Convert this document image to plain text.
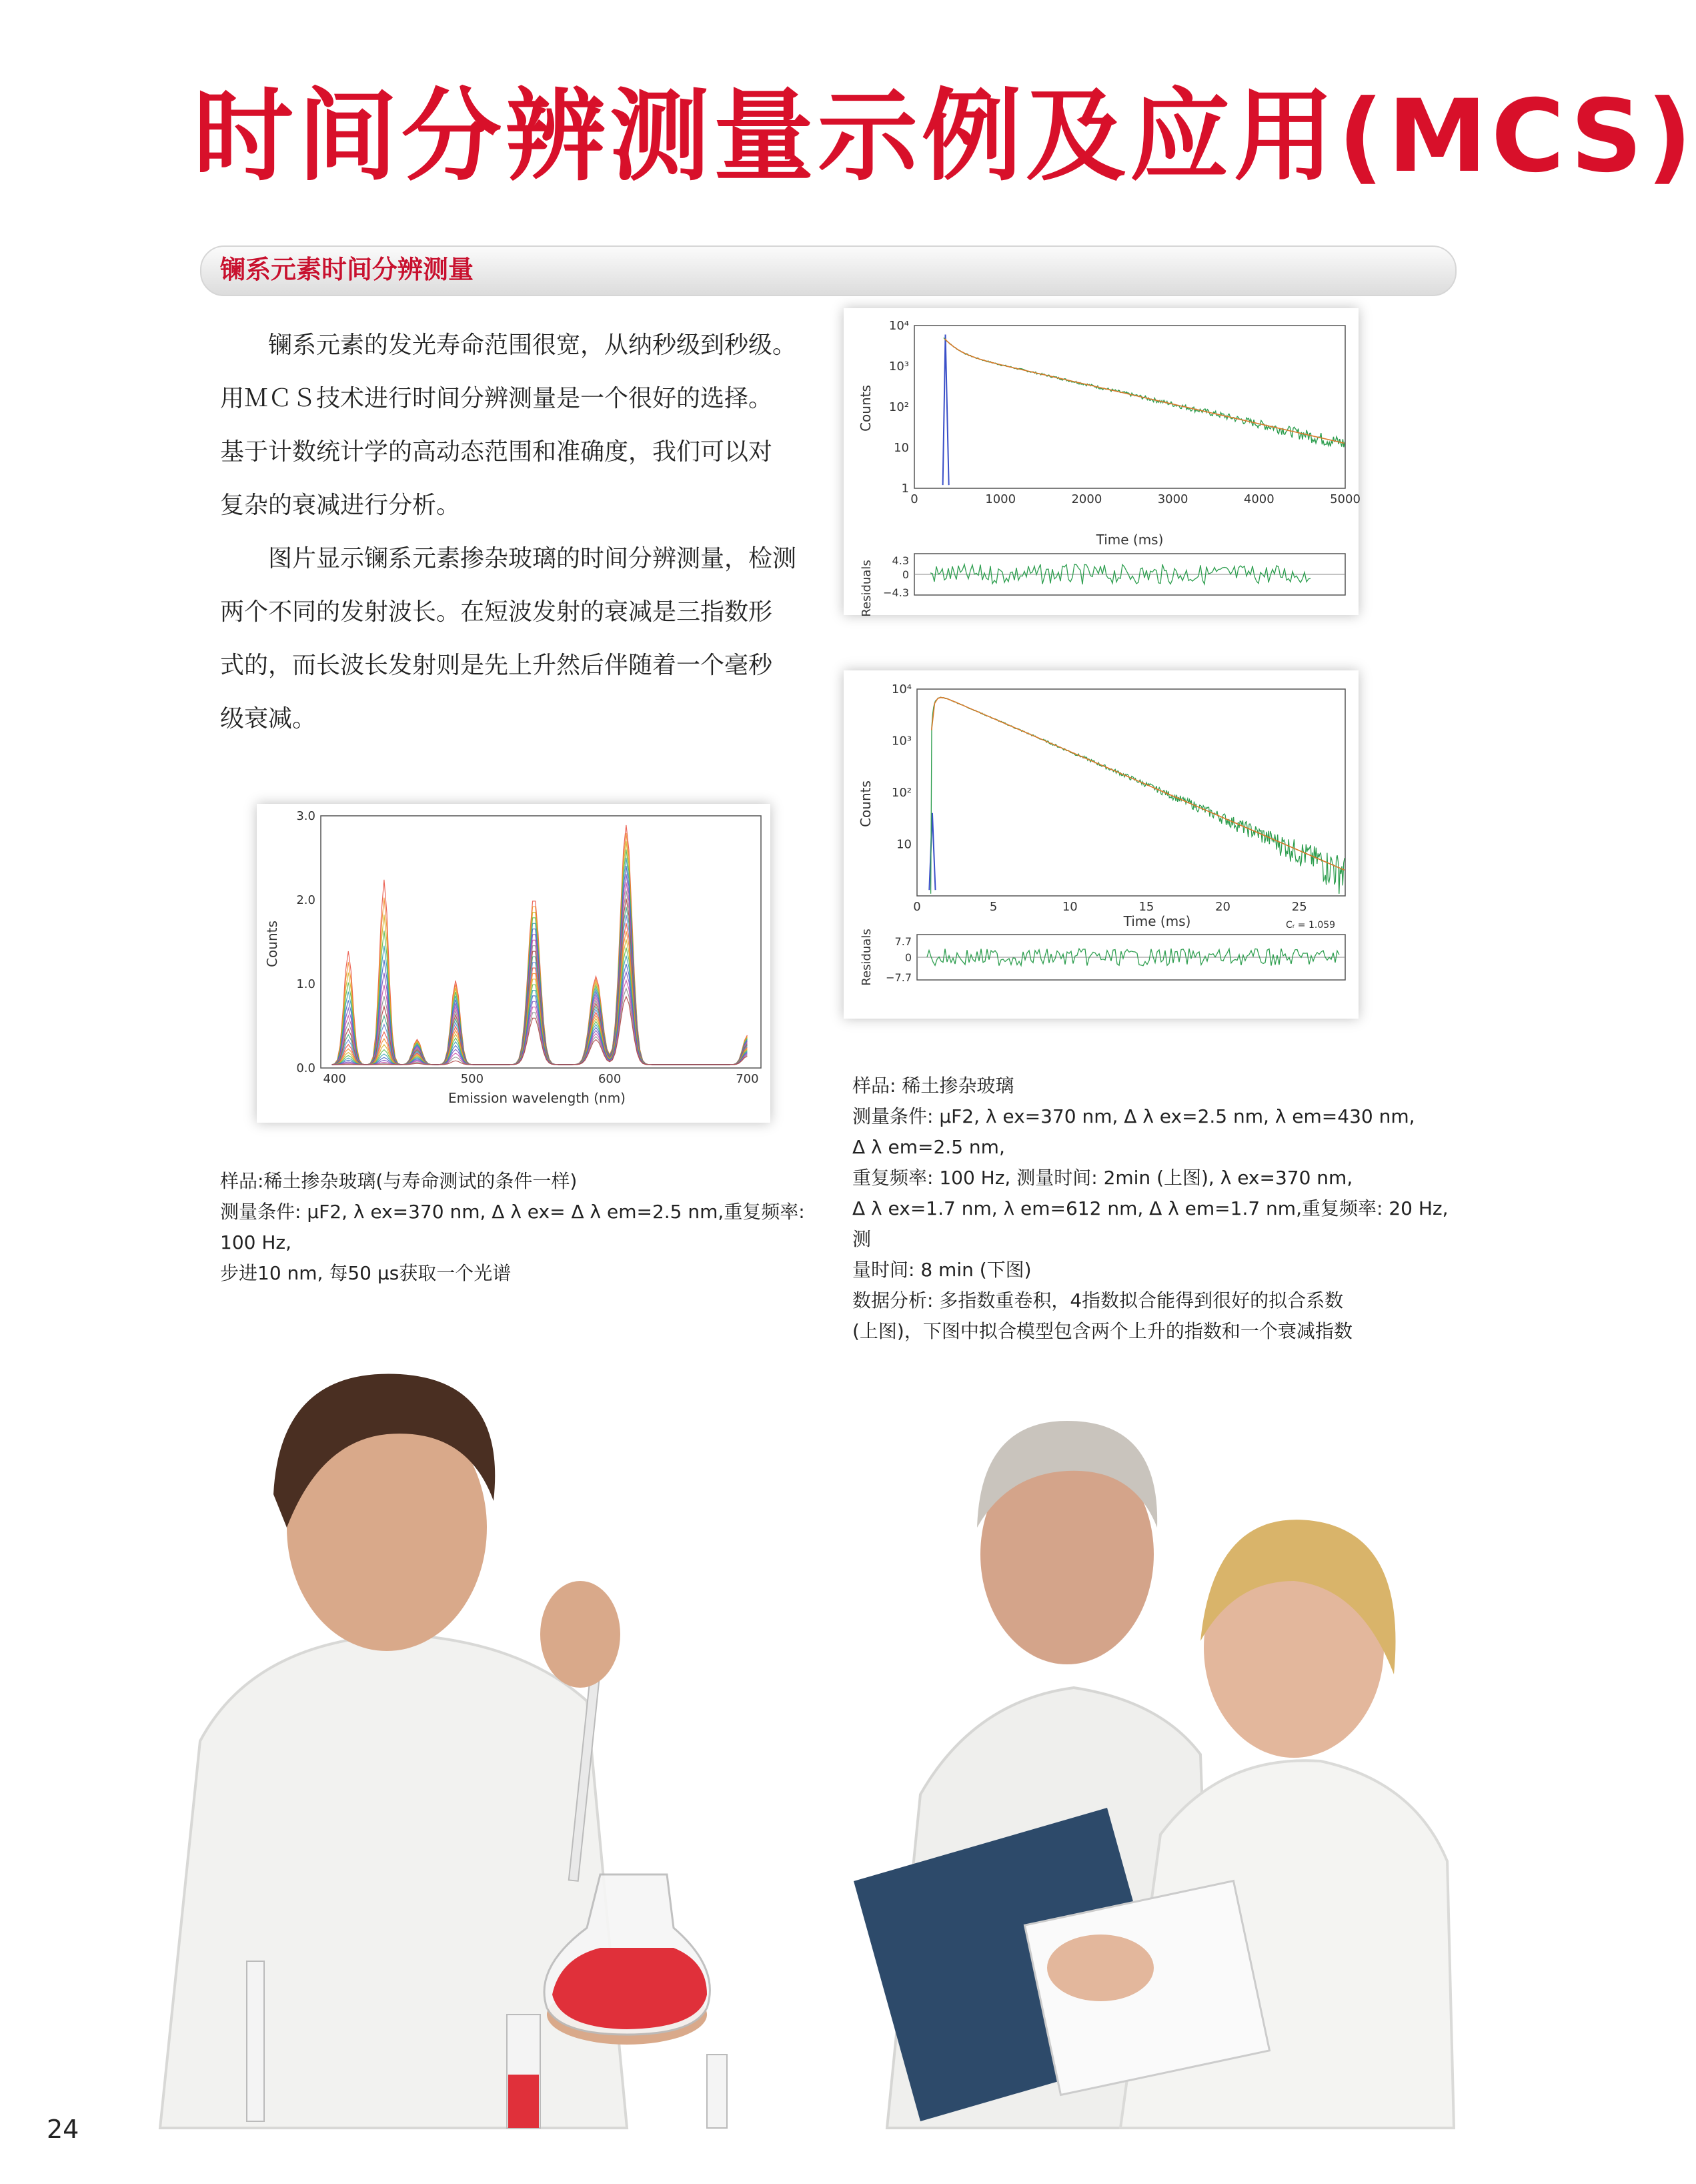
时间分辨测量示例及应用(MCS)
镧系元素时间分辨测量

　　镧系元素的发光寿命范围很宽，从纳秒级到秒级。

用ＭＣＳ技术进行时间分辨测量是一个很好的选择。

基于计数统计学的高动态范围和准确度，我们可以对

复杂的衰减进行分析。

　　图片显示镧系元素掺杂玻璃的时间分辨测量，检测

两个不同的发射波长。在短波发射的衰减是三指数形

式的，而长波长发射则是先上升然后伴随着一个毫秒

级衰减。

0	1000	2000	3000	4000	5000
1
10
10²
10³
10⁴
Counts
Time (ms)
Residuals 4.3
0
−4.3
0	5	10	15	20	25
10
10²
10³
10⁴
Counts
Time (ms)	Cᵣ = 1.059
Residuals 7.7
0
−7.7
400	500	600	700
0.0
1.0
2.0
3.0
Counts
Emission wavelength (nm)

样品:稀土掺杂玻璃(与寿命测试的条件一样)

测量条件: μF2, λ ex=370 nm, Δ λ ex= Δ λ em=2.5 nm,重复频率: 100 Hz,

步进10 nm, 每50 μs获取一个光谱

样品: 稀土掺杂玻璃

测量条件: μF2, λ ex=370 nm, Δ λ ex=2.5 nm, λ em=430 nm,

Δ λ em=2.5 nm,

重复频率: 100 Hz, 测量时间: 2min (上图), λ ex=370 nm,

Δ λ ex=1.7 nm, λ em=612 nm, Δ λ em=1.7 nm,重复频率: 20 Hz, 测

量时间: 8 min (下图)

数据分析: 多指数重卷积，4指数拟合能得到很好的拟合系数

(上图)，下图中拟合模型包含两个上升的指数和一个衰减指数

24
